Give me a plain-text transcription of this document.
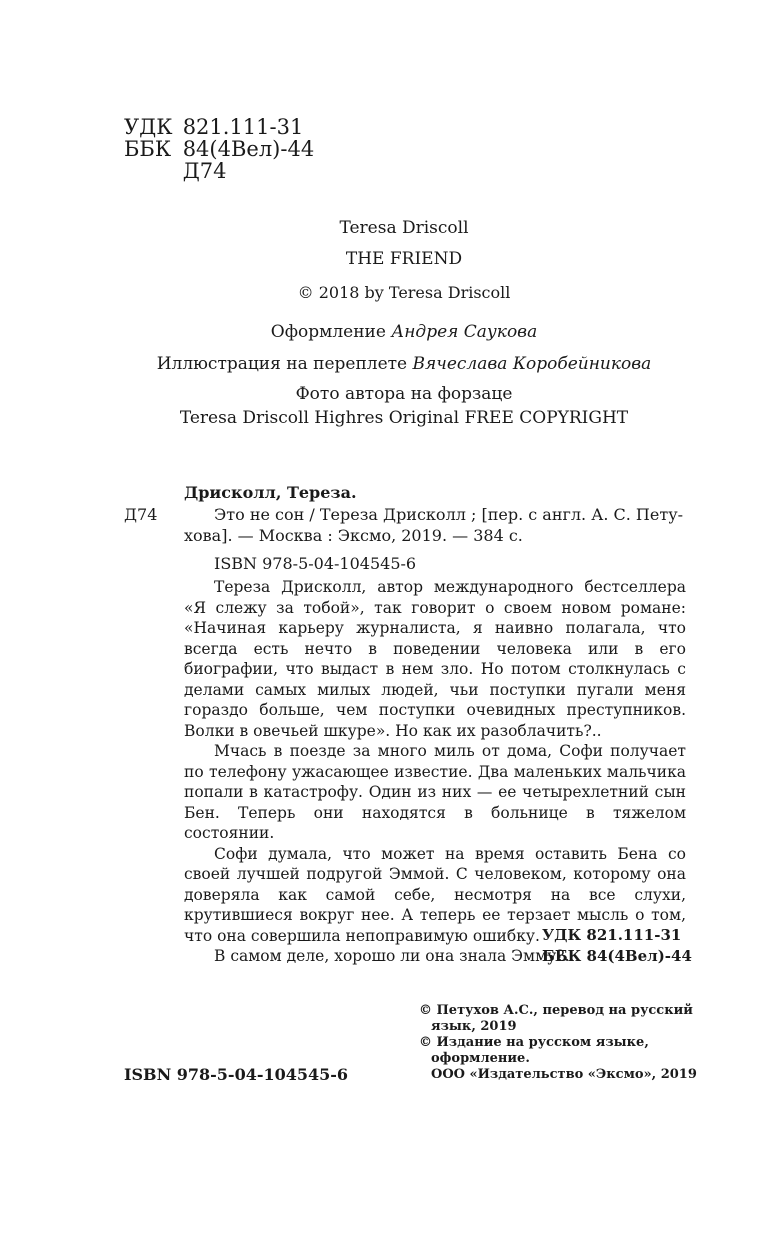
УДК 821.111-31
ББК 84(4Вел)-44
Д74
Teresa Driscoll
THE FRIEND
© 2018 by Teresa Driscoll
Оформление Андрея Саукова
Иллюстрация на переплете Вячеслава Коробейникова
Фото автора на форзаце
Teresa Driscoll Highres Original FREE COPYRIGHT
Дрисколл, Тереза.
Д74	Это не сон / Тереза Дрисколл ; [пер. с англ. А. С. Пету-
хова]. — Москва : Эксмо, 2019. — 384 с.
ISBN 978-5-04-104545-6

Тереза Дрисколл, автор международного бестселлера «Я слежу за тобой», так говорит о своем новом романе: «Начиная карьеру журналиста, я наивно полагала, что всегда есть нечто в поведении человека или в его биографии, что выдаст в нем зло. Но потом столкнулась с делами самых милых людей, чьи поступки пугали меня гораздо больше, чем поступки очевидных преступников. Волки в овечьей шкуре». Но как их разоблачить?..

Мчась в поезде за много миль от дома, Софи получает по телефону ужасающее известие. Два маленьких мальчика попали в катастрофу. Один из них — ее четырехлетний сын Бен. Теперь они находятся в больнице в тяжелом состоянии.

Софи думала, что может на время оставить Бена со своей лучшей подругой Эммой. С человеком, которому она доверяла как самой себе, несмотря на все слухи, крутившиеся вокруг нее. А теперь ее терзает мысль о том, что она совершила непоправимую ошибку.

В самом деле, хорошо ли она знала Эмму?..

УДК 821.111-31
ББК 84(4Вел)-44
© Петухов А.С., перевод на русский язык, 2019
© Издание на русском языке, оформление.
ООО «Издательство «Эксмо», 2019
ISBN 978-5-04-104545-6
